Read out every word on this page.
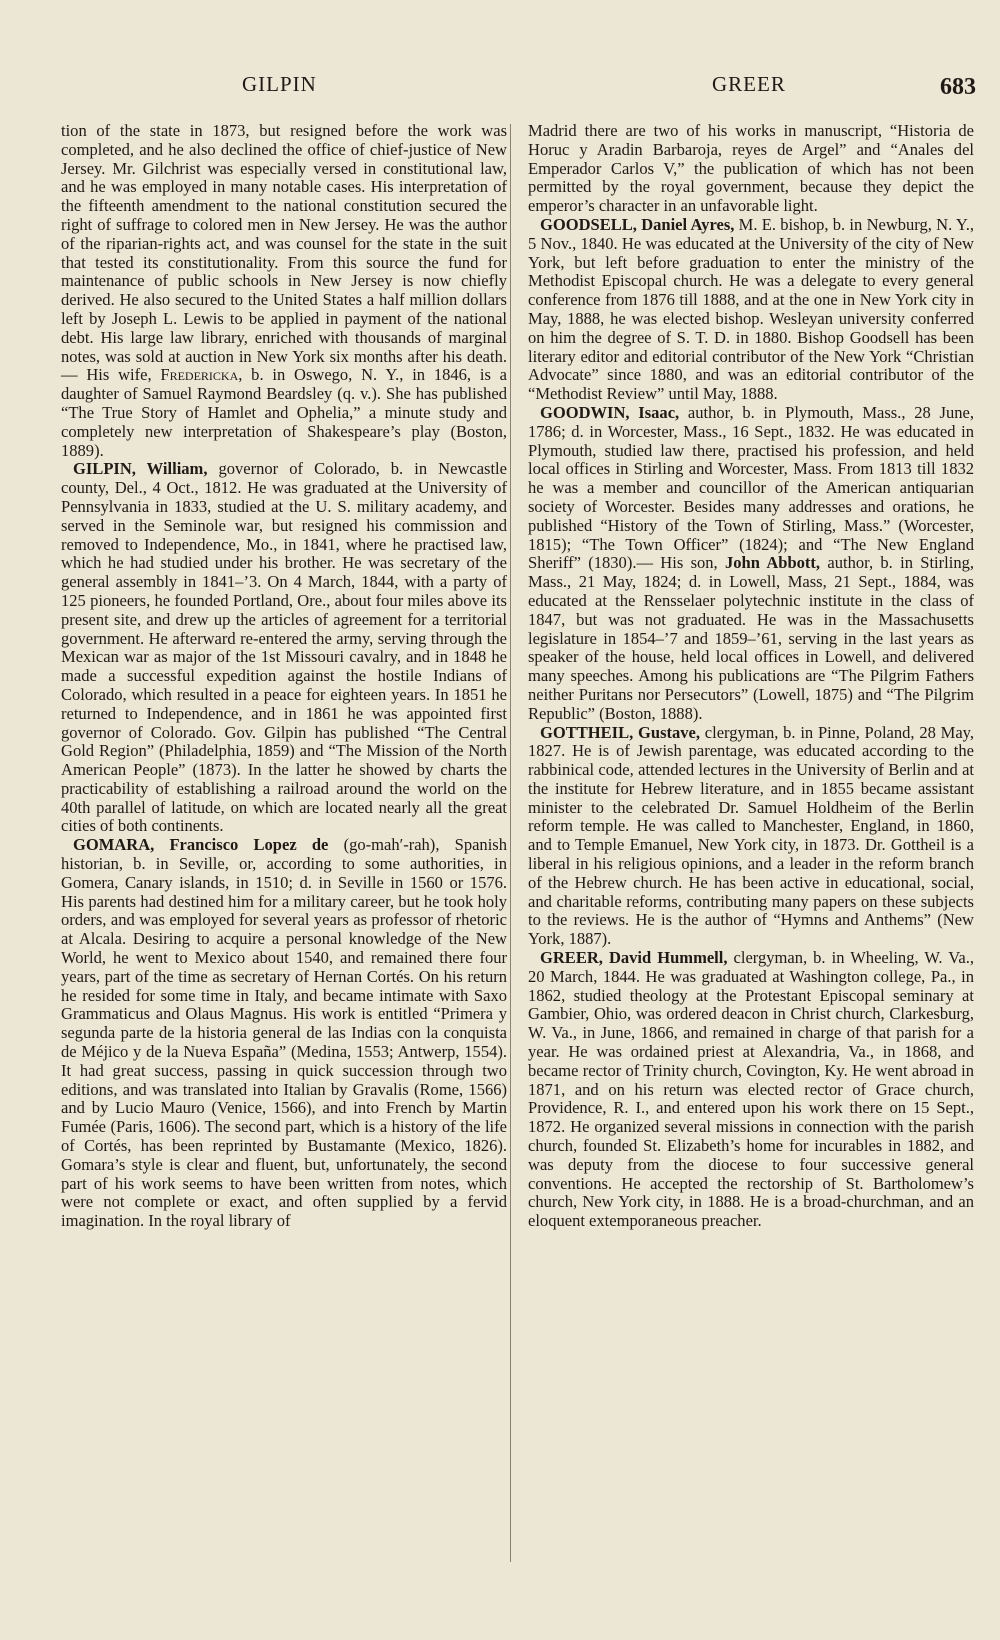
GILPIN	GREER	683

tion of the state in 1873, but resigned before the work was completed, and he also declined the office of chief-justice of New Jersey. Mr. Gilchrist was especially versed in constitutional law, and he was employed in many notable cases. His interpretation of the fifteenth amendment to the national constitution secured the right of suffrage to colored men in New Jersey. He was the author of the riparian-rights act, and was counsel for the state in the suit that tested its constitutionality. From this source the fund for maintenance of public schools in New Jersey is now chiefly derived. He also secured to the United States a half million dollars left by Joseph L. Lewis to be applied in payment of the national debt. His large law library, enriched with thousands of marginal notes, was sold at auction in New York six months after his death.— His wife, Fredericka, b. in Oswego, N. Y., in 1846, is a daughter of Samuel Raymond Beardsley (q. v.). She has published “The True Story of Hamlet and Ophelia,” a minute study and completely new interpretation of Shakespeare’s play (Boston, 1889).

GILPIN, William, governor of Colorado, b. in Newcastle county, Del., 4 Oct., 1812. He was graduated at the University of Pennsylvania in 1833, studied at the U. S. military academy, and served in the Seminole war, but resigned his commission and removed to Independence, Mo., in 1841, where he practised law, which he had studied under his brother. He was secretary of the general assembly in 1841–’3. On 4 March, 1844, with a party of 125 pioneers, he founded Portland, Ore., about four miles above its present site, and drew up the articles of agreement for a territorial government. He afterward re-entered the army, serving through the Mexican war as major of the 1st Missouri cavalry, and in 1848 he made a successful expedition against the hostile Indians of Colorado, which resulted in a peace for eighteen years. In 1851 he returned to Independence, and in 1861 he was appointed first governor of Colorado. Gov. Gilpin has published “The Central Gold Region” (Philadelphia, 1859) and “The Mission of the North American People” (1873). In the latter he showed by charts the practicability of establishing a railroad around the world on the 40th parallel of latitude, on which are located nearly all the great cities of both continents.

GOMARA, Francisco Lopez de (go-mah′-rah), Spanish historian, b. in Seville, or, according to some authorities, in Gomera, Canary islands, in 1510; d. in Seville in 1560 or 1576. His parents had destined him for a military career, but he took holy orders, and was employed for several years as professor of rhetoric at Alcala. Desiring to acquire a personal knowledge of the New World, he went to Mexico about 1540, and remained there four years, part of the time as secretary of Hernan Cortés. On his return he resided for some time in Italy, and became intimate with Saxo Grammaticus and Olaus Magnus. His work is entitled “Primera y segunda parte de la historia general de las Indias con la conquista de Méjico y de la Nueva España” (Medina, 1553; Antwerp, 1554). It had great success, passing in quick succession through two editions, and was translated into Italian by Gravalis (Rome, 1566) and by Lucio Mauro (Venice, 1566), and into French by Martin Fumée (Paris, 1606). The second part, which is a history of the life of Cortés, has been reprinted by Bustamante (Mexico, 1826). Gomara’s style is clear and fluent, but, unfortunately, the second part of his work seems to have been written from notes, which were not complete or exact, and often supplied by a fervid imagination. In the royal library of

Madrid there are two of his works in manuscript, “Historia de Horuc y Aradin Barbaroja, reyes de Argel” and “Anales del Emperador Carlos V,” the publication of which has not been permitted by the royal government, because they depict the emperor’s character in an unfavorable light.

GOODSELL, Daniel Ayres, M. E. bishop, b. in Newburg, N. Y., 5 Nov., 1840. He was educated at the University of the city of New York, but left before graduation to enter the ministry of the Methodist Episcopal church. He was a delegate to every general conference from 1876 till 1888, and at the one in New York city in May, 1888, he was elected bishop. Wesleyan university conferred on him the degree of S. T. D. in 1880. Bishop Goodsell has been literary editor and editorial contributor of the New York “Christian Advocate” since 1880, and was an editorial contributor of the “Methodist Review” until May, 1888.

GOODWIN, Isaac, author, b. in Plymouth, Mass., 28 June, 1786; d. in Worcester, Mass., 16 Sept., 1832. He was educated in Plymouth, studied law there, practised his profession, and held local offices in Stirling and Worcester, Mass. From 1813 till 1832 he was a member and councillor of the American antiquarian society of Worcester. Besides many addresses and orations, he published “History of the Town of Stirling, Mass.” (Worcester, 1815); “The Town Officer” (1824); and “The New England Sheriff” (1830).— His son, John Abbott, author, b. in Stirling, Mass., 21 May, 1824; d. in Lowell, Mass, 21 Sept., 1884, was educated at the Rensselaer polytechnic institute in the class of 1847, but was not graduated. He was in the Massachusetts legislature in 1854–’7 and 1859–’61, serving in the last years as speaker of the house, held local offices in Lowell, and delivered many speeches. Among his publications are “The Pilgrim Fathers neither Puritans nor Persecutors” (Lowell, 1875) and “The Pilgrim Republic” (Boston, 1888).

GOTTHEIL, Gustave, clergyman, b. in Pinne, Poland, 28 May, 1827. He is of Jewish parentage, was educated according to the rabbinical code, attended lectures in the University of Berlin and at the institute for Hebrew literature, and in 1855 became assistant minister to the celebrated Dr. Samuel Holdheim of the Berlin reform temple. He was called to Manchester, England, in 1860, and to Temple Emanuel, New York city, in 1873. Dr. Gottheil is a liberal in his religious opinions, and a leader in the reform branch of the Hebrew church. He has been active in educational, social, and charitable reforms, contributing many papers on these subjects to the reviews. He is the author of “Hymns and Anthems” (New York, 1887).

GREER, David Hummell, clergyman, b. in Wheeling, W. Va., 20 March, 1844. He was graduated at Washington college, Pa., in 1862, studied theology at the Protestant Episcopal seminary at Gambier, Ohio, was ordered deacon in Christ church, Clarkesburg, W. Va., in June, 1866, and remained in charge of that parish for a year. He was ordained priest at Alexandria, Va., in 1868, and became rector of Trinity church, Covington, Ky. He went abroad in 1871, and on his return was elected rector of Grace church, Providence, R. I., and entered upon his work there on 15 Sept., 1872. He organized several missions in connection with the parish church, founded St. Elizabeth’s home for incurables in 1882, and was deputy from the diocese to four successive general conventions. He accepted the rectorship of St. Bartholomew’s church, New York city, in 1888. He is a broad-churchman, and an eloquent extemporaneous preacher.
